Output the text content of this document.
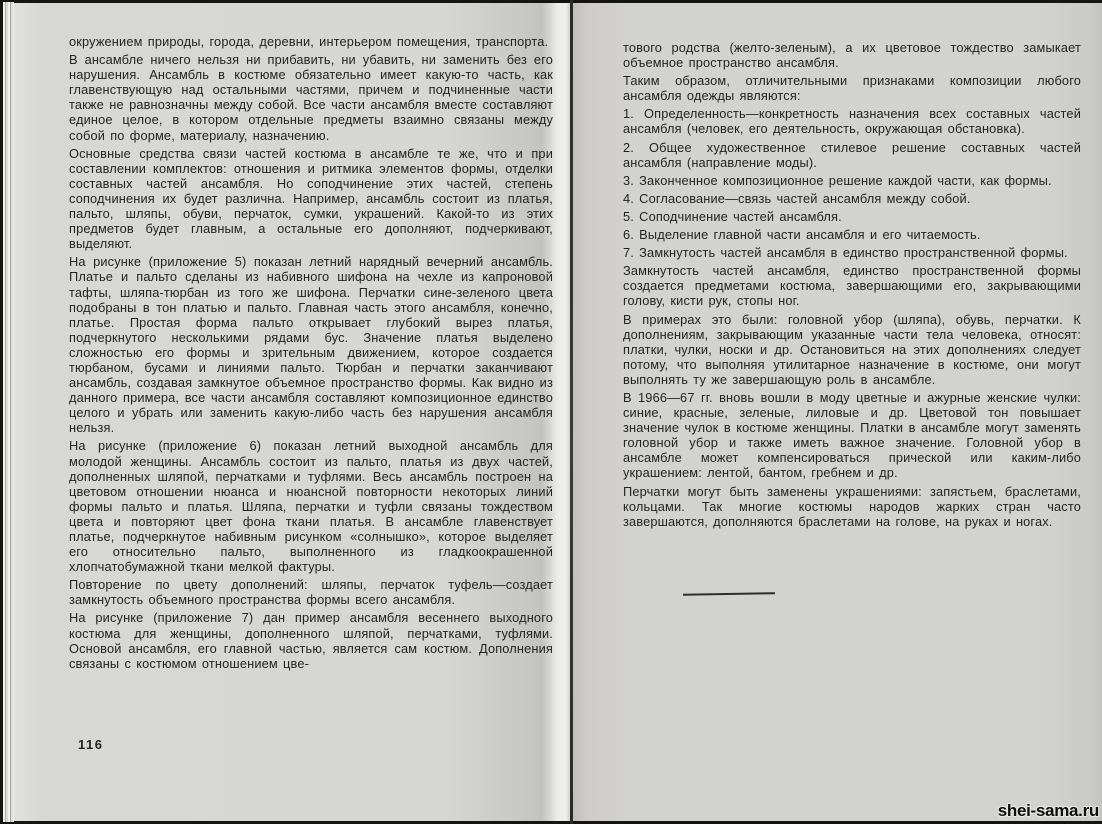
окружением природы, города, деревни, интерьером помещения, транспорта.

В ансамбле ничего нельзя ни прибавить, ни убавить, ни заменить без его нарушения. Ансамбль в костюме обязательно имеет какую-то часть, как главенствующую над остальными частями, причем и подчиненные части также не равнозначны между собой. Все части ансамбля вместе составляют единое целое, в котором отдельные предметы взаимно связаны между собой по форме, материалу, назначению.

Основные средства связи частей костюма в ансамбле те же, что и при составлении комплектов: отношения и ритмика элементов формы, отделки составных частей ансамбля. Но соподчинение этих частей, степень соподчинения их будет различна. Например, ансамбль состоит из платья, пальто, шляпы, обуви, перчаток, сумки, украшений. Какой-то из этих предметов будет главным, а остальные его дополняют, подчеркивают, выделяют.

На рисунке (приложение 5) показан летний нарядный вечерний ансамбль. Платье и пальто сделаны из набивного шифона на чехле из капроновой тафты, шляпа-тюрбан из того же шифона. Перчатки сине-зеленого цвета подобраны в тон платью и пальто. Главная часть этого ансамбля, конечно, платье. Простая форма пальто открывает глубокий вырез платья, подчеркнутого несколькими рядами бус. Значение платья выделено сложностью его формы и зрительным движением, которое создается тюрбаном, бусами и линиями пальто. Тюрбан и перчатки заканчивают ансамбль, создавая замкнутое объемное пространство формы. Как видно из данного примера, все части ансамбля составляют композиционное единство целого и убрать или заменить какую-либо часть без нарушения ансамбля нельзя.

На рисунке (приложение 6) показан летний выходной ансамбль для молодой женщины. Ансамбль состоит из пальто, платья из двух частей, дополненных шляпой, перчатками и туфлями. Весь ансамбль построен на цветовом отношении нюанса и нюансной повторности некоторых линий формы пальто и платья. Шляпа, перчатки и туфли связаны тождеством цвета и повторяют цвет фона ткани платья. В ансамбле главенствует платье, подчеркнутое набивным рисунком «солнышко», которое выделяет его относительно пальто, выполненного из гладкоокрашенной хлопчатобумажной ткани мелкой фактуры.

Повторение по цвету дополнений: шляпы, перчаток туфель—создает замкнутость объемного пространства формы всего ансамбля.

На рисунке (приложение 7) дан пример ансамбля весеннего выходного костюма для женщины, дополненного шляпой, перчатками, туфлями. Основой ансамбля, его главной частью, является сам костюм. Дополнения связаны с костюмом отношением цве-

116

тового родства (желто-зеленым), а их цветовое тождество замыкает объемное пространство ансамбля.

Таким образом, отличительными признаками композиции любого ансамбля одежды являются:

1. Определенность—конкретность назначения всех составных частей ансамбля (человек, его деятельность, окружающая обстановка).

2. Общее художественное стилевое решение составных частей ансамбля (направление моды).

3. Законченное композиционное решение каждой части, как формы.

4. Согласование—связь частей ансамбля между собой.

5. Соподчинение частей ансамбля.

6. Выделение главной части ансамбля и его читаемость.

7. Замкнутость частей ансамбля в единство пространственной формы.

Замкнутость частей ансамбля, единство пространственной формы создается предметами костюма, завершающими его, закрывающими голову, кисти рук, стопы ног.

В примерах это были: головной убор (шляпа), обувь, перчатки. К дополнениям, закрывающим указанные части тела человека, относят: платки, чулки, носки и др. Остановиться на этих дополнениях следует потому, что выполняя утилитарное назначение в костюме, они могут выполнять ту же завершающую роль в ансамбле.

В 1966—67 гг. вновь вошли в моду цветные и ажурные женские чулки: синие, красные, зеленые, лиловые и др. Цветовой тон повышает значение чулок в костюме женщины. Платки в ансамбле могут заменять головной убор и также иметь важное значение. Головной убор в ансамбле может компенсироваться прической или каким-либо украшением: лентой, бантом, гребнем и др.

Перчатки могут быть заменены украшениями: запястьем, браслетами, кольцами. Так многие костюмы народов жарких стран часто завершаются, дополняются браслетами на голове, на руках и ногах.

shei-sama.ru
